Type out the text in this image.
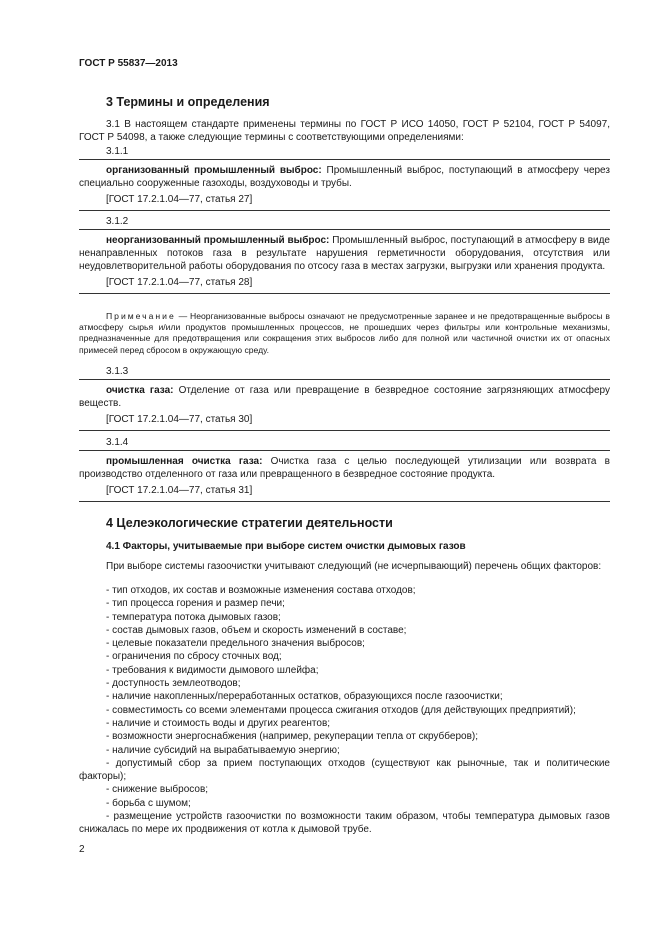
ГОСТ Р 55837—2013
3 Термины и определения
3.1 В настоящем стандарте применены термины по ГОСТ Р ИСО 14050, ГОСТ Р 52104, ГОСТ Р 54097, ГОСТ Р 54098, а также следующие термины с соответствующими определениями:
3.1.1

организованный промышленный выброс: Промышленный выброс, поступающий в атмосферу через специально сооруженные газоходы, воздуховоды и трубы.

[ГОСТ 17.2.1.04—77, статья 27]

3.1.2

неорганизованный промышленный выброс: Промышленный выброс, поступающий в атмосферу в виде ненаправленных потоков газа в результате нарушения герметичности оборудования, отсутствия или неудовлетворительной работы оборудования по отсосу газа в местах загрузки, выгрузки или хранения продукта.

[ГОСТ 17.2.1.04—77, статья 28]

Примечание — Неорганизованные выбросы означают не предусмотренные заранее и не предотвращенные выбросы в атмосферу сырья и/или продуктов промышленных процессов, не прошедших через фильтры или контрольные механизмы, предназначенные для предотвращения или сокращения этих выбросов либо для полной или частичной очистки их от опасных примесей перед сбросом в окружающую среду.
3.1.3

очистка газа: Отделение от газа или превращение в безвредное состояние загрязняющих атмосферу веществ.

[ГОСТ 17.2.1.04—77, статья 30]

3.1.4

промышленная очистка газа: Очистка газа с целью последующей утилизации или возврата в производство отделенного от газа или превращенного в безвредное состояние продукта.

[ГОСТ 17.2.1.04—77, статья 31]

4 Целеэкологические стратегии деятельности
4.1 Факторы, учитываемые при выборе систем очистки дымовых газов
При выборе системы газоочистки учитывают следующий (не исчерпывающий) перечень общих факторов:
- тип отходов, их состав и возможные изменения состава отходов;
- тип процесса горения и размер печи;
- температура потока дымовых газов;
- состав дымовых газов, объем и скорость изменений в составе;
- целевые показатели предельного значения выбросов;
- ограничения по сбросу сточных вод;
- требования к видимости дымового шлейфа;
- доступность землеотводов;
- наличие накопленных/переработанных остатков, образующихся после газоочистки;
- совместимость со всеми элементами процесса сжигания отходов (для действующих предприятий);
- наличие и стоимость воды и других реагентов;
- возможности энергоснабжения (например, рекуперации тепла от скрубберов);
- наличие субсидий на вырабатываемую энергию;
- допустимый сбор за прием поступающих отходов (существуют как рыночные, так и политические факторы);
- снижение выбросов;
- борьба с шумом;
- размещение устройств газоочистки по возможности таким образом, чтобы температура дымовых газов снижалась по мере их продвижения от котла к дымовой трубе.
2
